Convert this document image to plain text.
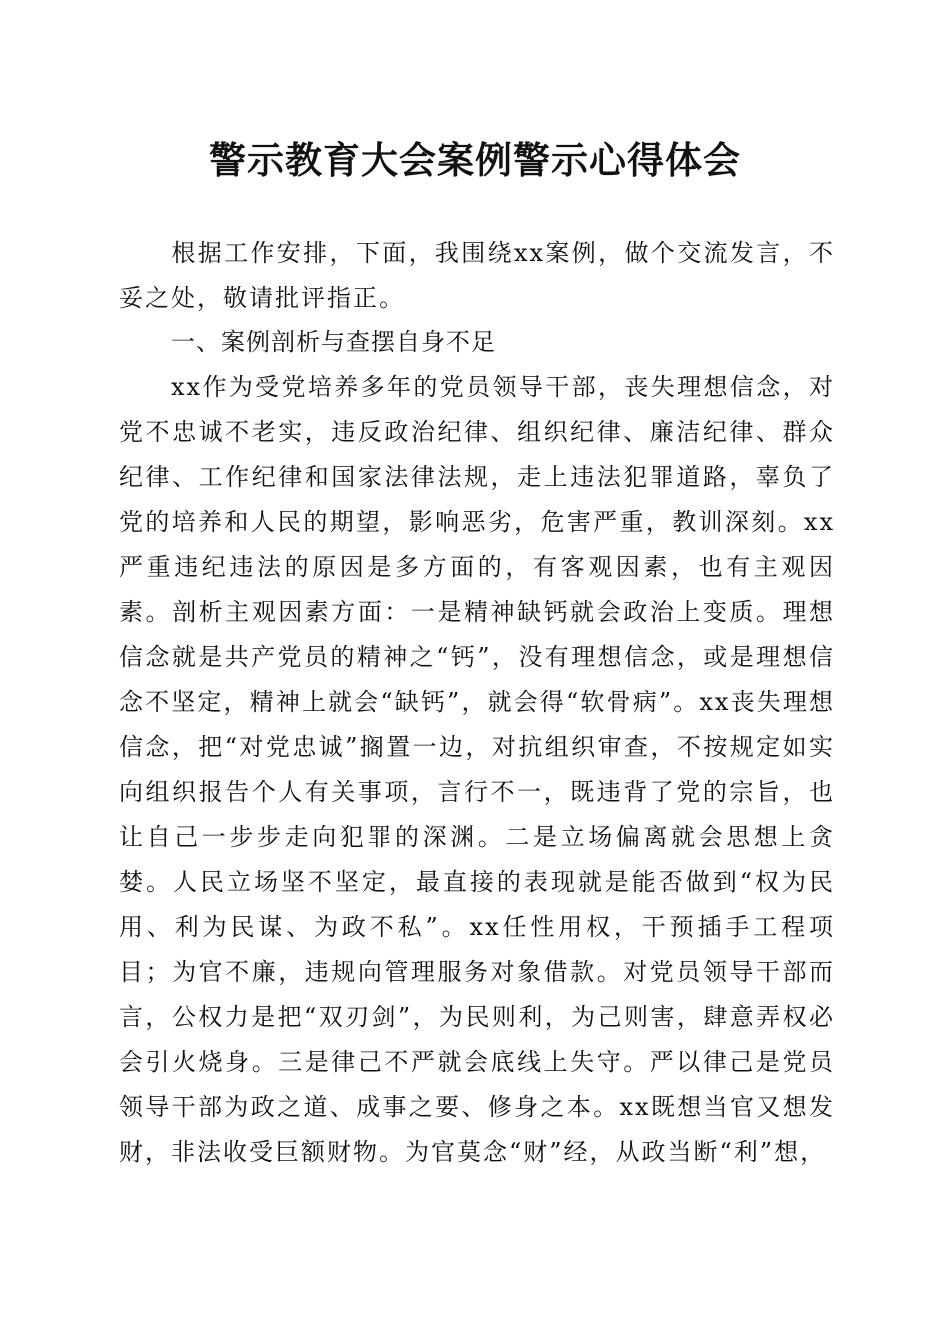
警示教育大会案例警示心得体会

根据工作安排，下面，我围绕xx案例，做个交流发言，不妥之处，敬请批评指正。

一、案例剖析与查摆自身不足

xx作为受党培养多年的党员领导干部，丧失理想信念，对党不忠诚不老实，违反政治纪律、组织纪律、廉洁纪律、群众纪律、工作纪律和国家法律法规，走上违法犯罪道路，辜负了党的培养和人民的期望，影响恶劣，危害严重，教训深刻。xx严重违纪违法的原因是多方面的，有客观因素，也有主观因素。剖析主观因素方面：一是精神缺钙就会政治上变质。理想信念就是共产党员的精神之“钙”，没有理想信念，或是理想信念不坚定，精神上就会“缺钙”，就会得“软骨病”。xx丧失理想信念，把“对党忠诚”搁置一边，对抗组织审查，不按规定如实向组织报告个人有关事项，言行不一，既违背了党的宗旨，也让自己一步步走向犯罪的深渊。二是立场偏离就会思想上贪婪。人民立场坚不坚定，最直接的表现就是能否做到“权为民用、利为民谋、为政不私”。xx任性用权，干预插手工程项目；为官不廉，违规向管理服务对象借款。对党员领导干部而言，公权力是把“双刃剑”，为民则利，为己则害，肆意弄权必会引火烧身。三是律己不严就会底线上失守。严以律己是党员领导干部为政之道、成事之要、修身之本。xx既想当官又想发财，非法收受巨额财物。为官莫念“财”经，从政当断“利”想，
